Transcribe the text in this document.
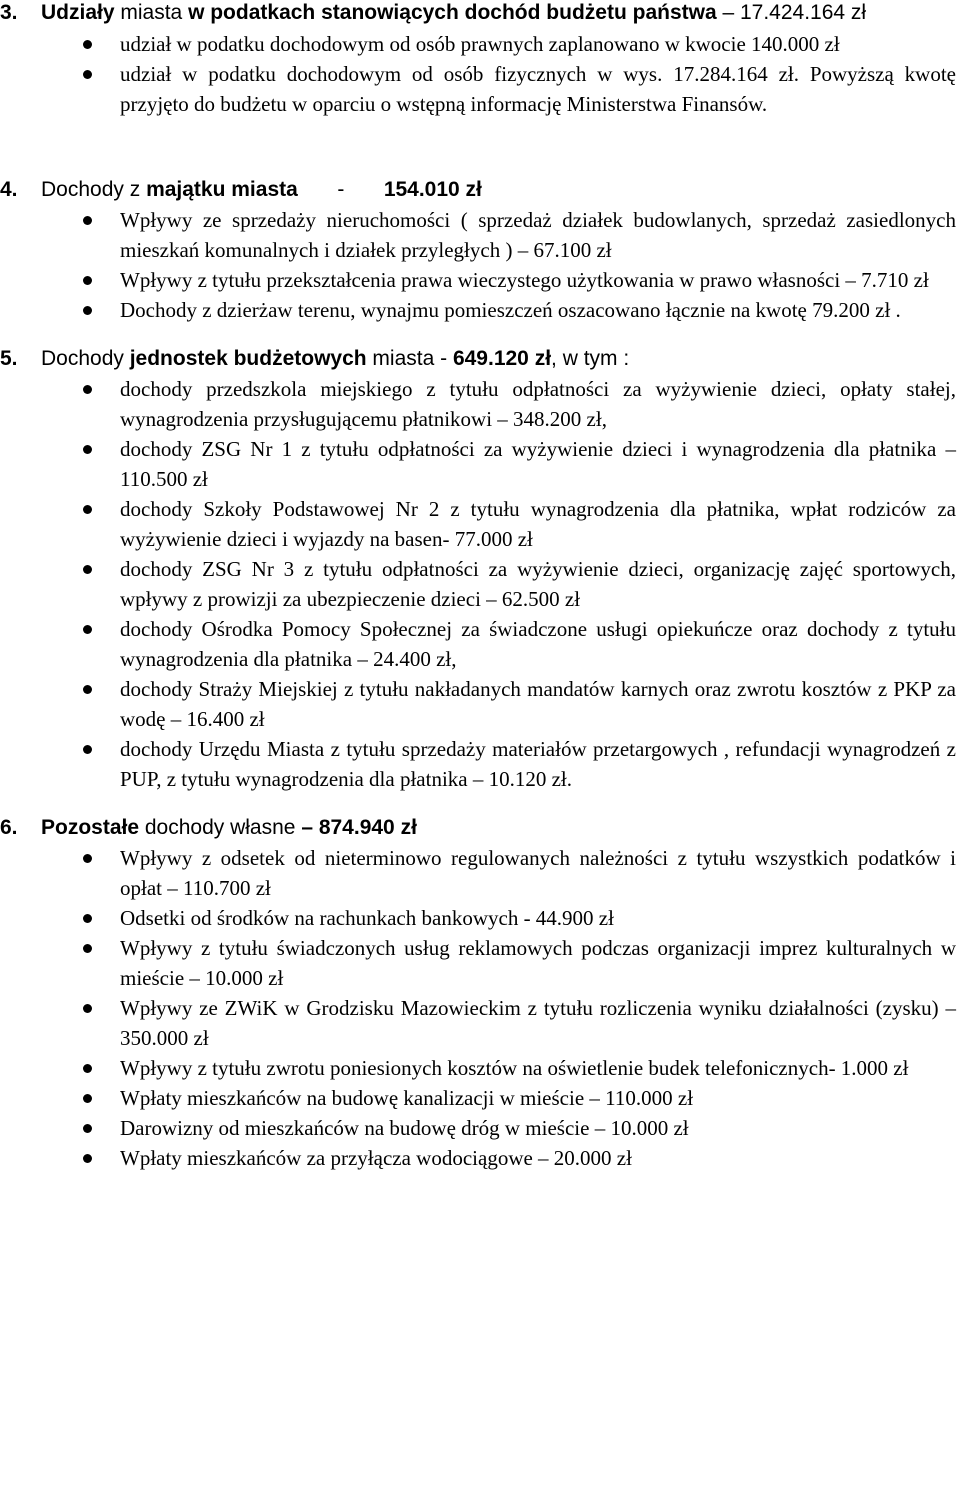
3. Udziały miasta w podatkach stanowiących dochód budżetu państwa – 17.424.164 zł

udział w podatku dochodowym od osób prawnych zaplanowano w kwocie 140.000 zł
udział w podatku dochodowym od osób fizycznych w wys. 17.284.164 zł. Powyższą kwotę przyjęto do budżetu w oparciu o wstępną informację Ministerstwa Finansów.
4. Dochody z majątku miasta - 154.010 zł

Wpływy ze sprzedaży nieruchomości ( sprzedaż działek budowlanych, sprzedaż zasiedlonych mieszkań komunalnych i działek przyległych ) – 67.100 zł
Wpływy z tytułu przekształcenia prawa wieczystego użytkowania w prawo własności – 7.710 zł
Dochody z dzierżaw terenu, wynajmu pomieszczeń oszacowano łącznie na kwotę 79.200 zł .
5. Dochody jednostek budżetowych miasta - 649.120 zł, w tym :

dochody przedszkola miejskiego z tytułu odpłatności za wyżywienie dzieci, opłaty stałej, wynagrodzenia przysługującemu płatnikowi – 348.200 zł,
dochody ZSG Nr 1 z tytułu odpłatności za wyżywienie dzieci i wynagrodzenia dla płatnika – 110.500 zł
dochody Szkoły Podstawowej Nr 2 z tytułu wynagrodzenia dla płatnika, wpłat rodziców za wyżywienie dzieci i wyjazdy na basen- 77.000 zł
dochody ZSG Nr 3 z tytułu odpłatności za wyżywienie dzieci, organizację zajęć sportowych, wpływy z prowizji za ubezpieczenie dzieci – 62.500 zł
dochody Ośrodka Pomocy Społecznej za świadczone usługi opiekuńcze oraz dochody z tytułu wynagrodzenia dla płatnika – 24.400 zł,
dochody Straży Miejskiej z tytułu nakładanych mandatów karnych oraz zwrotu kosztów z PKP za wodę – 16.400 zł
dochody Urzędu Miasta z tytułu sprzedaży materiałów przetargowych , refundacji wynagrodzeń z PUP, z tytułu wynagrodzenia dla płatnika – 10.120 zł.
6. Pozostałe dochody własne – 874.940 zł

Wpływy z odsetek od nieterminowo regulowanych należności z tytułu wszystkich podatków i opłat – 110.700 zł
Odsetki od środków na rachunkach bankowych - 44.900 zł
Wpływy z tytułu świadczonych usług reklamowych podczas organizacji imprez kulturalnych w mieście – 10.000 zł
Wpływy ze ZWiK w Grodzisku Mazowieckim z tytułu rozliczenia wyniku działalności (zysku) – 350.000 zł
Wpływy z tytułu zwrotu poniesionych kosztów na oświetlenie budek telefonicznych- 1.000 zł
Wpłaty mieszkańców na budowę kanalizacji w mieście – 110.000 zł
Darowizny od mieszkańców na budowę dróg w mieście – 10.000 zł
Wpłaty mieszkańców za przyłącza wodociągowe – 20.000 zł
